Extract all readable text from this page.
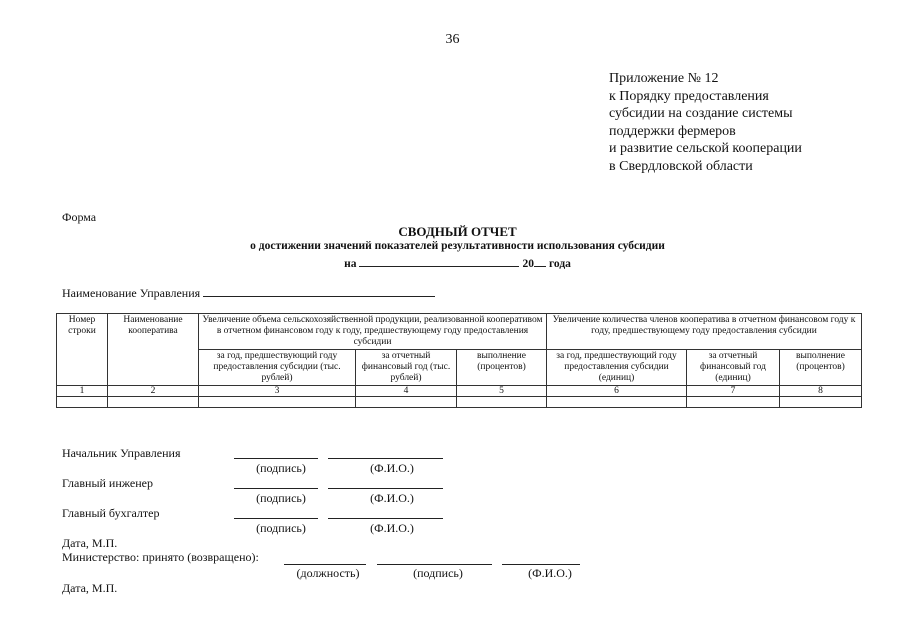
36
Приложение № 12
к Порядку предоставления
субсидии на создание системы
поддержки фермеров
и развитие сельской кооперации
в Свердловской области
Форма
СВОДНЫЙ ОТЧЕТ
о достижении значений показателей результативности использования субсидии
на	20 года
Наименование Управления
Номер строки	Наименование кооператива	Увеличение объема сельскохозяйственной продукции, реализованной кооперативом в отчетном финансовом году к году, предшествующему году предоставления субсидии			Увеличение количества членов кооператива в отчетном финансовом году к году, предшествующему году предоставления субсидии		
		за год, предшествующий году предоставления субсидии (тыс. рублей)	за отчетный финансовый год (тыс. рублей)	выполнение (процентов)	за год, предшествующий году предоставления субсидии (единиц)	за отчетный финансовый год (единиц)	выполнение (процентов)
1	2	3	4	5	6	7	8

Начальник Управления
(подпись)	(Ф.И.О.)
Главный инженер
(подпись)	(Ф.И.О.)
Главный бухгалтер
(подпись)	(Ф.И.О.)
Дата, М.П.
Министерство: принято (возвращено):
(должность)	(подпись)	(Ф.И.О.)
Дата, М.П.
